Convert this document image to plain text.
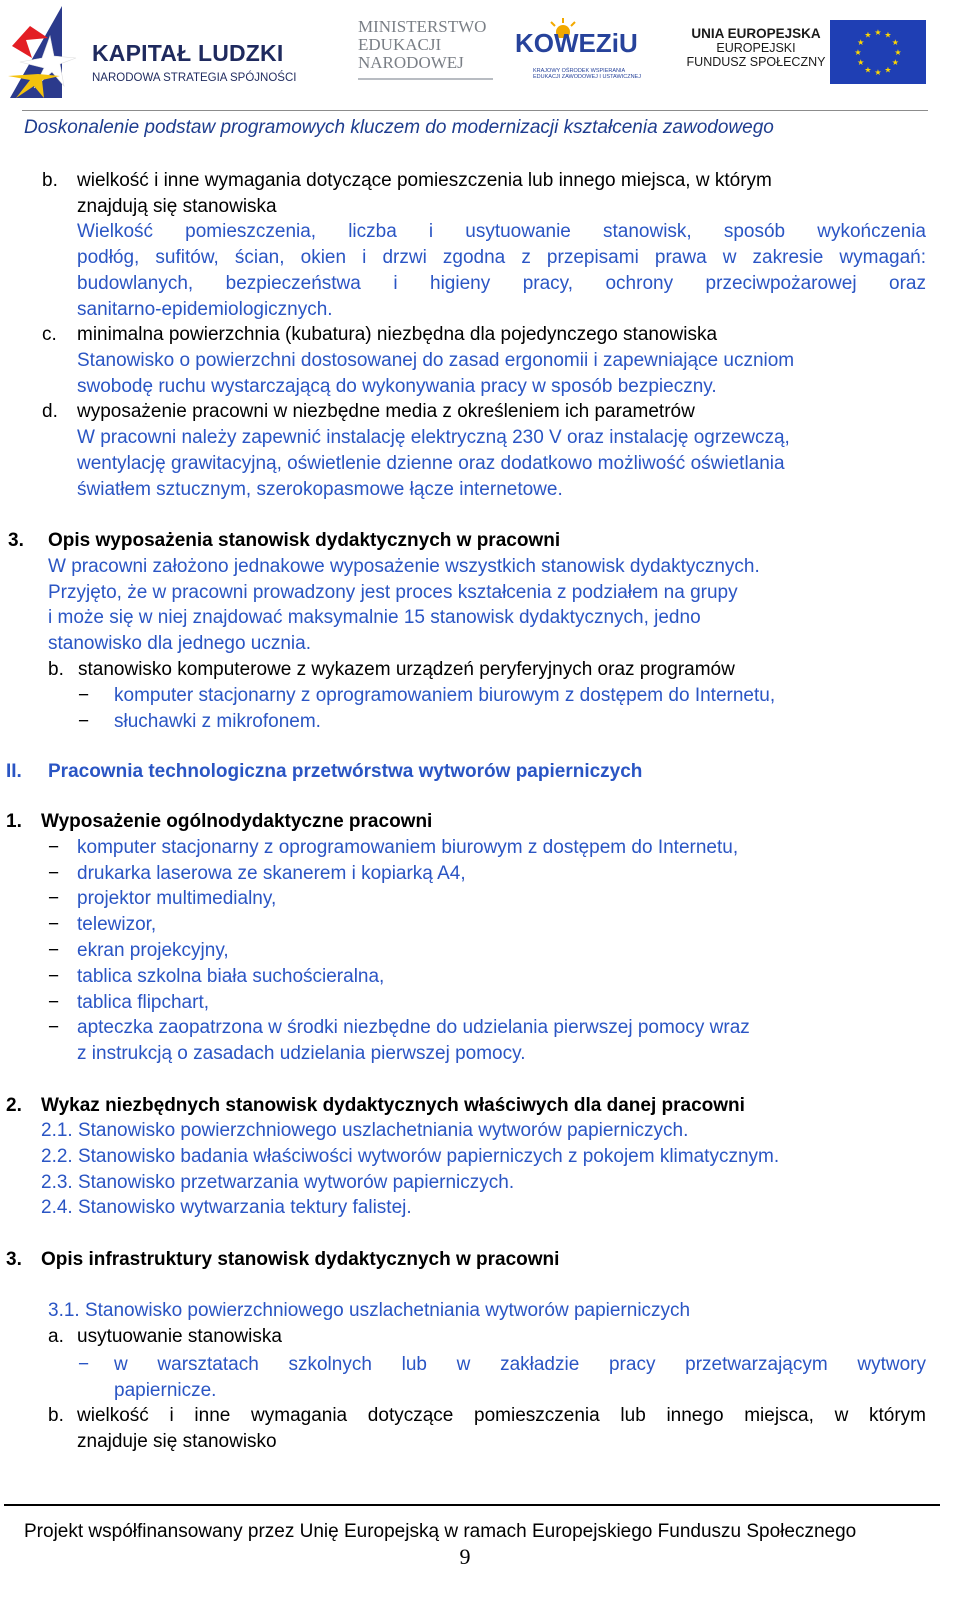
KAPITAŁ LUDZKI
NARODOWA STRATEGIA SPÓJNOŚCI
MINISTERSTWO
EDUKACJI
NARODOWEJ
KOWEZiU
KRAJOWY OŚRODEK WSPIERANIA
EDUKACJI ZAWODOWEJ I USTAWICZNEJ
UNIA EUROPEJSKA
EUROPEJSKI
FUNDUSZ SPOŁECZNY
★
★
★
★
★
★
★
★
★ ★ ★
★
Doskonalenie podstaw programowych kluczem do modernizacji kształcenia zawodowego
b. wielkość i inne wymagania dotyczące pomieszczenia lub innego miejsca, w którym
znajdują się stanowiska
Wielkość pomieszczenia, liczba i usytuowanie stanowisk, sposób wykończenia
podłóg, sufitów, ścian, okien i drzwi zgodna z przepisami prawa w zakresie wymagań:
budowlanych, bezpieczeństwa i higieny pracy, ochrony przeciwpożarowej oraz
sanitarno-epidemiologicznych.
c. minimalna powierzchnia (kubatura) niezbędna dla pojedynczego stanowiska
Stanowisko o powierzchni dostosowanej do zasad ergonomii i zapewniające uczniom
swobodę ruchu wystarczającą do wykonywania pracy w sposób bezpieczny.
d. wyposażenie pracowni w niezbędne media z określeniem ich parametrów
W pracowni należy zapewnić instalację elektryczną 230 V oraz instalację ogrzewczą,
wentylację grawitacyjną, oświetlenie dzienne oraz dodatkowo możliwość oświetlania
światłem sztucznym, szerokopasmowe łącze internetowe.
3. Opis wyposażenia stanowisk dydaktycznych w pracowni
W pracowni założono jednakowe wyposażenie wszystkich stanowisk dydaktycznych.
Przyjęto, że w pracowni prowadzony jest proces kształcenia z podziałem na grupy
i może się w niej znajdować maksymalnie 15 stanowisk dydaktycznych, jedno
stanowisko dla jednego ucznia.
b. stanowisko komputerowe z wykazem urządzeń peryferyjnych oraz programów
− komputer stacjonarny z oprogramowaniem biurowym z dostępem do Internetu,
− słuchawki z mikrofonem.
II. Pracownia technologiczna przetwórstwa wytworów papierniczych
1. Wyposażenie ogólnodydaktyczne pracowni
− komputer stacjonarny z oprogramowaniem biurowym z dostępem do Internetu,
− drukarka laserowa ze skanerem i kopiarką A4,
− projektor multimedialny,
− telewizor,
− ekran projekcyjny,
− tablica szkolna biała suchościeralna,
− tablica flipchart,
− apteczka zaopatrzona w środki niezbędne do udzielania pierwszej pomocy wraz
z instrukcją o zasadach udzielania pierwszej pomocy.
2. Wykaz niezbędnych stanowisk dydaktycznych właściwych dla danej pracowni
2.1. Stanowisko powierzchniowego uszlachetniania wytworów papierniczych.
2.2. Stanowisko badania właściwości wytworów papierniczych z pokojem klimatycznym.
2.3. Stanowisko przetwarzania wytworów papierniczych.
2.4. Stanowisko wytwarzania tektury falistej.
3. Opis infrastruktury stanowisk dydaktycznych w pracowni
3.1. Stanowisko powierzchniowego uszlachetniania wytworów papierniczych
a. usytuowanie stanowiska
− w warsztatach szkolnych lub w zakładzie pracy przetwarzającym wytwory
papiernicze.
b. wielkość i inne wymagania dotyczące pomieszczenia lub innego miejsca, w którym
znajduje się stanowisko
Projekt współfinansowany przez Unię Europejską w ramach Europejskiego Funduszu Społecznego
9
